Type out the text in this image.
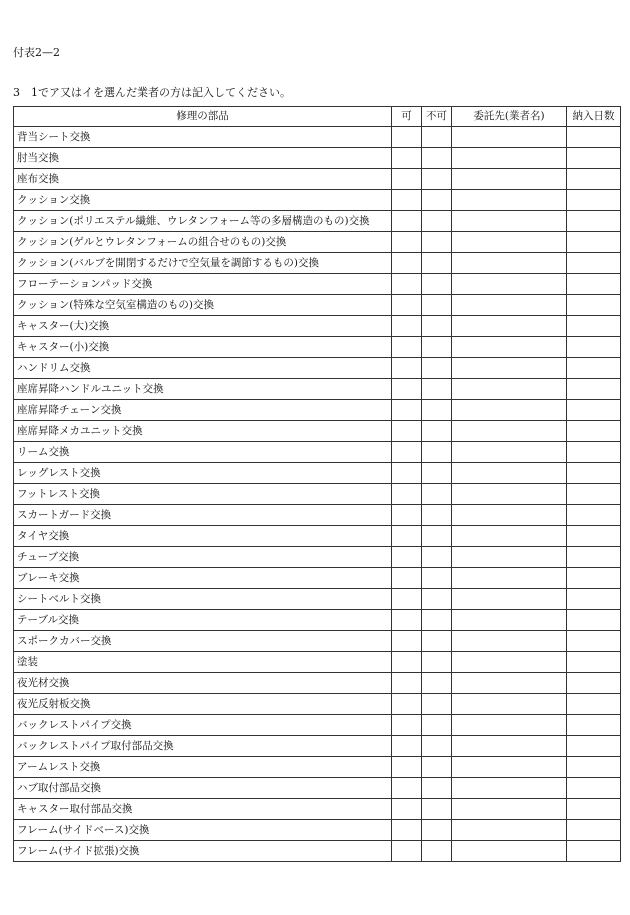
付表2—2
3　1でア又はイを選んだ業者の方は記入してください。
修理の部品	可	不可	委託先(業者名)	納入日数
背当シート交換				
肘当交換				
座布交換				
クッション交換				
クッション(ポリエステル繊維、ウレタンフォーム等の多層構造のもの)交換				
クッション(ゲルとウレタンフォームの組合せのもの)交換				
クッション(バルブを開閉するだけで空気量を調節するもの)交換				
フローテーションパッド交換				
クッション(特殊な空気室構造のもの)交換				
キャスター(大)交換				
キャスター(小)交換				
ハンドリム交換				
座席昇降ハンドルユニット交換				
座席昇降チェーン交換				
座席昇降メカユニット交換				
リーム交換				
レッグレスト交換				
フットレスト交換				
スカートガード交換				
タイヤ交換				
チューブ交換				
ブレーキ交換				
シートベルト交換				
テーブル交換				
スポークカバー交換				
塗装				
夜光材交換				
夜光反射板交換				
バックレストパイプ交換				
バックレストパイプ取付部品交換				
アームレスト交換				
ハブ取付部品交換				
キャスター取付部品交換				
フレーム(サイドベース)交換				
フレーム(サイド拡張)交換				
